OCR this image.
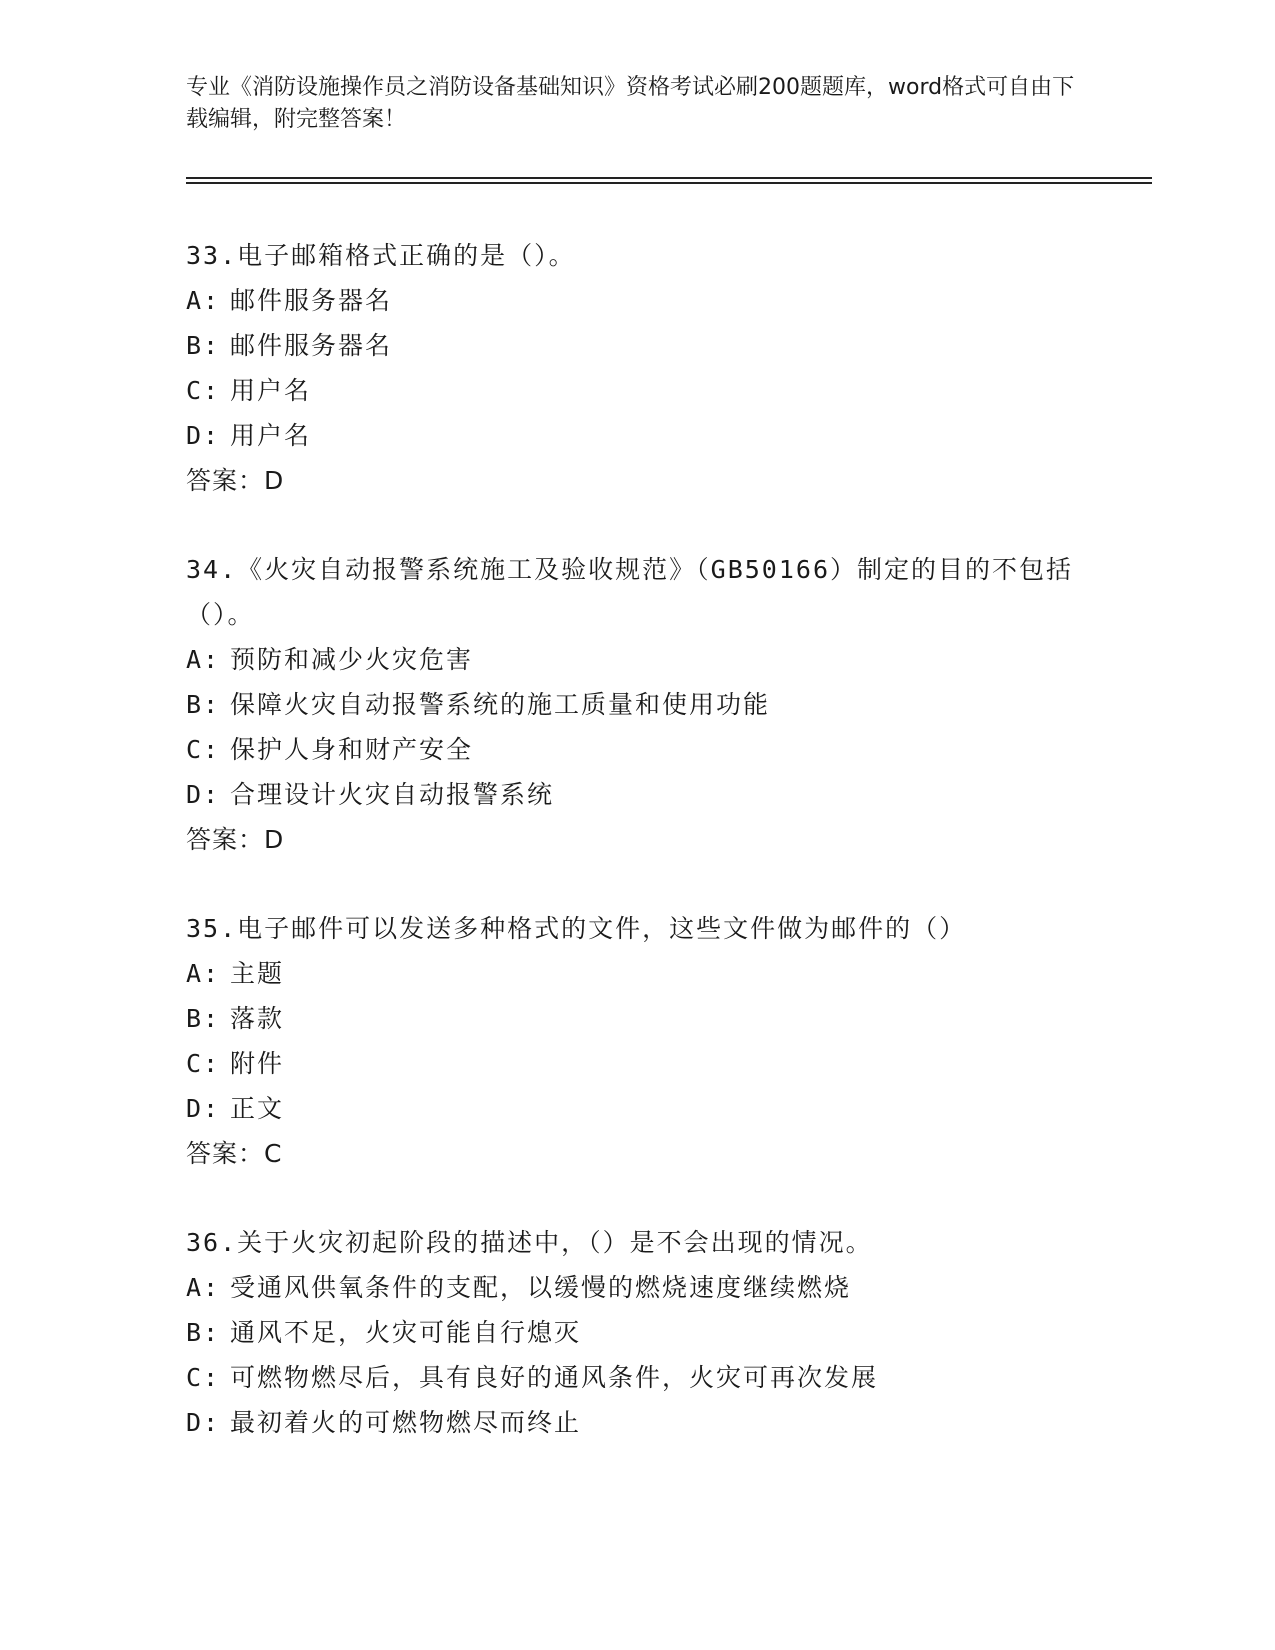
专业《消防设施操作员之消防设备基础知识》资格考试必刷200题题库，word格式可自由下载编辑，附完整答案！
33. 电子邮箱格式正确的是（）。
A: 邮件服务器名
B: 邮件服务器名
C: 用户名
D: 用户名
答案：D
34.《火灾自动报警系统施工及验收规范》（GB50166）制定的目的不包括（）。
A: 预防和减少火灾危害
B: 保障火灾自动报警系统的施工质量和使用功能
C: 保护人身和财产安全
D: 合理设计火灾自动报警系统
答案：D
35. 电子邮件可以发送多种格式的文件，这些文件做为邮件的（）
A: 主题
B: 落款
C: 附件
D: 正文
答案：C
36. 关于火灾初起阶段的描述中，（）是不会出现的情况。
A: 受通风供氧条件的支配，以缓慢的燃烧速度继续燃烧
B: 通风不足，火灾可能自行熄灭
C: 可燃物燃尽后，具有良好的通风条件，火灾可再次发展
D: 最初着火的可燃物燃尽而终止
